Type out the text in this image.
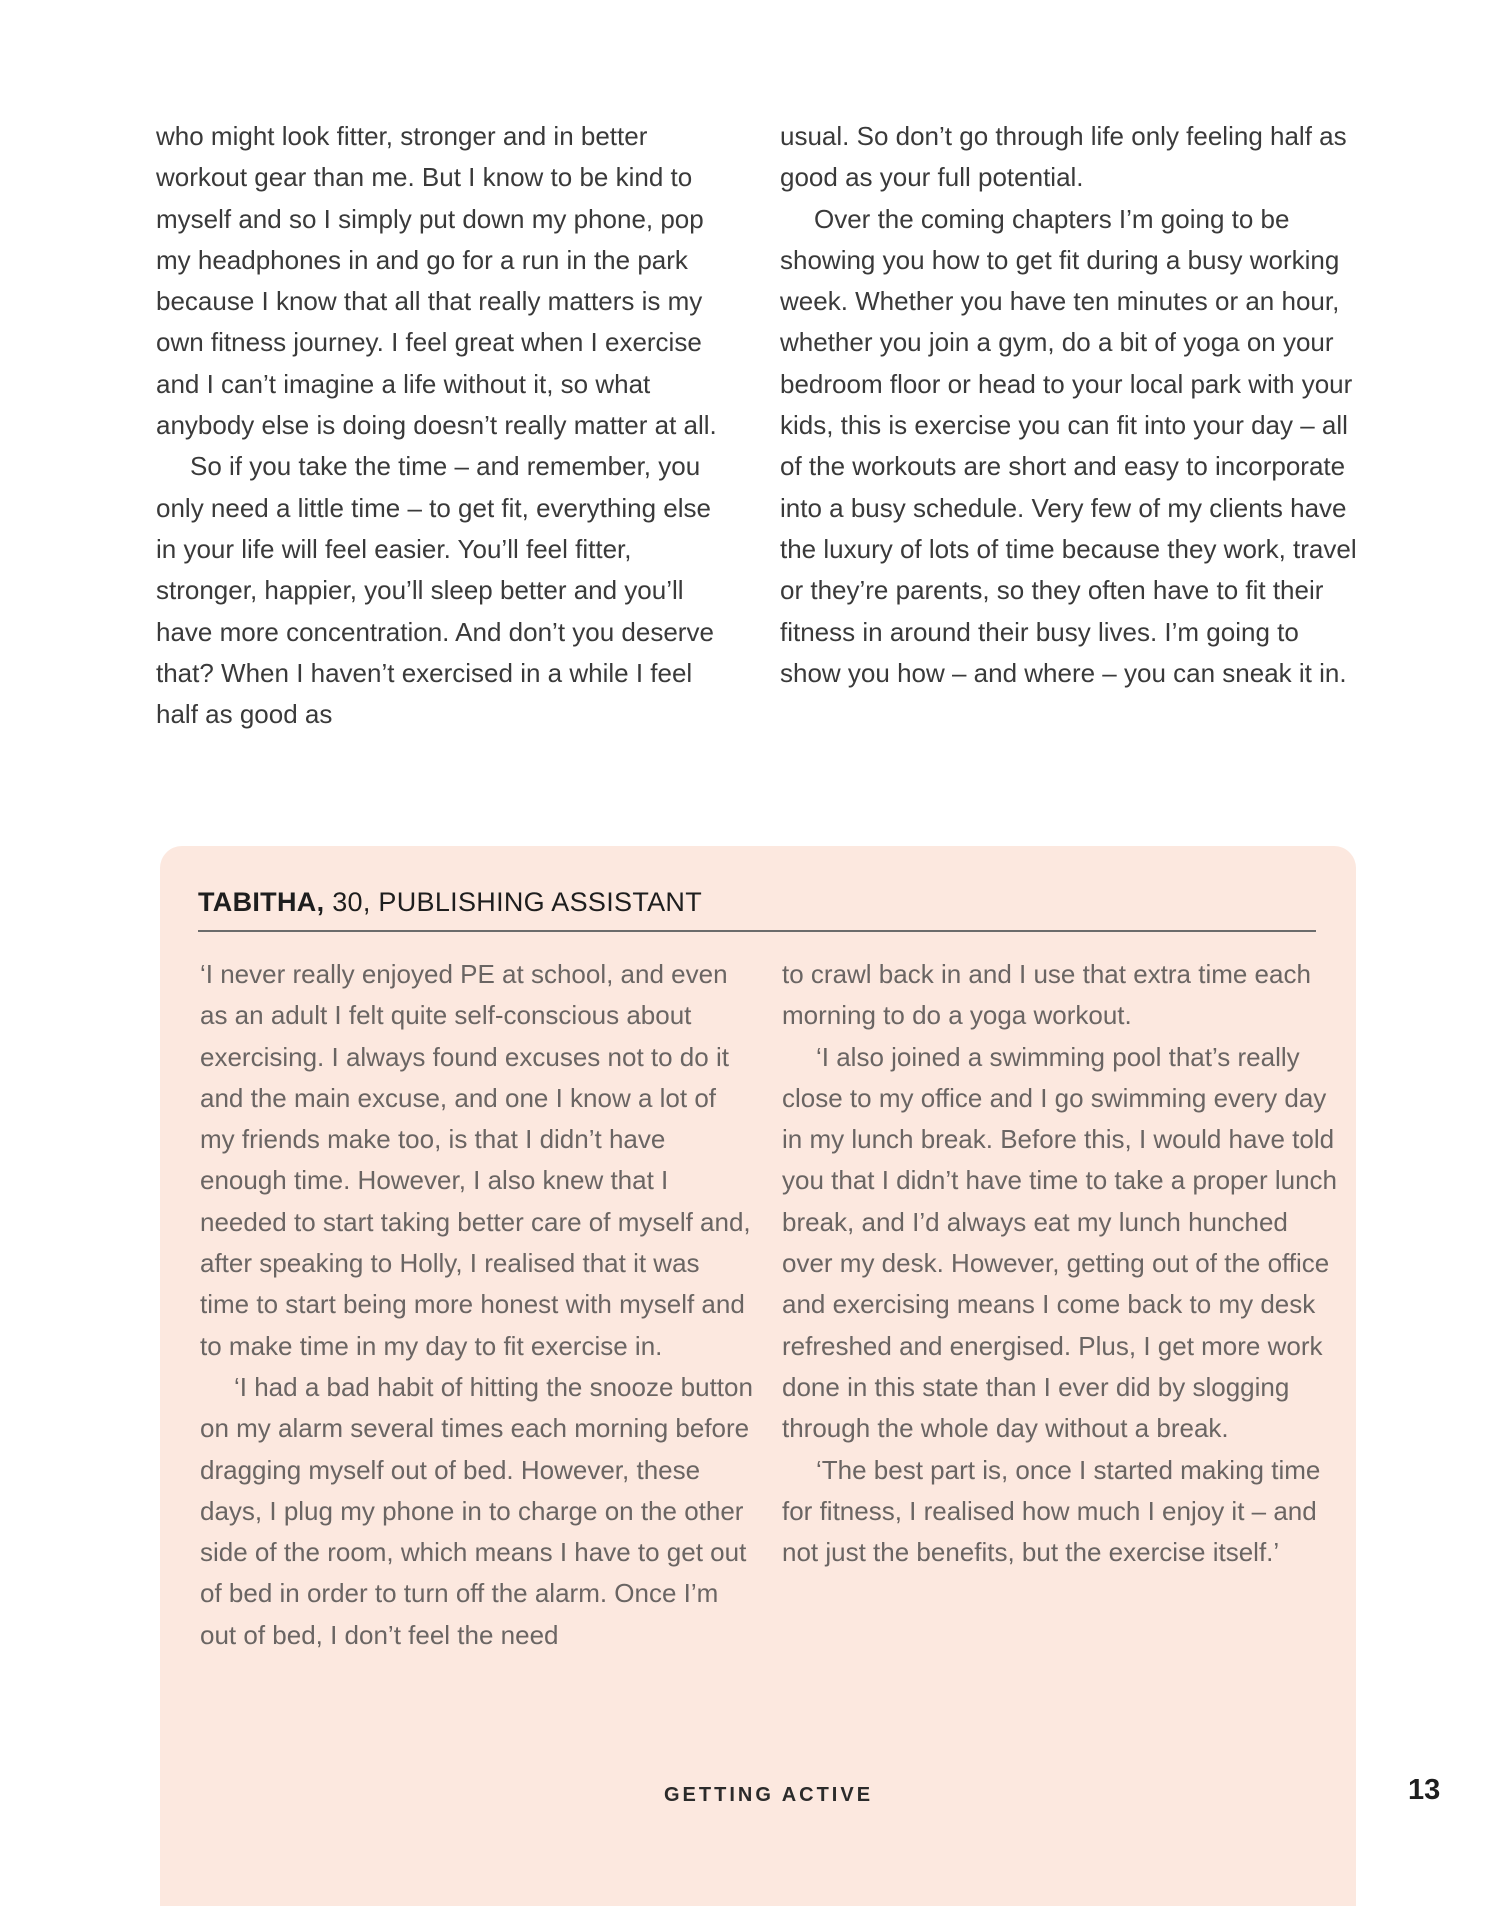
who might look fitter, stronger and in better workout gear than me. But I know to be kind to myself and so I simply put down my phone, pop my headphones in and go for a run in the park because I know that all that really matters is my own fitness journey. I feel great when I exercise and I can’t imagine a life without it, so what anybody else is doing doesn’t really matter at all.

So if you take the time – and remember, you only need a little time – to get fit, everything else in your life will feel easier. You’ll feel fitter, stronger, happier, you’ll sleep better and you’ll have more concentration. And don’t you deserve that? When I haven’t exercised in a while I feel half as good as

usual. So don’t go through life only feeling half as good as your full potential.

Over the coming chapters I’m going to be showing you how to get fit during a busy working week. Whether you have ten minutes or an hour, whether you join a gym, do a bit of yoga on your bedroom floor or head to your local park with your kids, this is exercise you can fit into your day – all of the workouts are short and easy to incorporate into a busy schedule. Very few of my clients have the luxury of lots of time because they work, travel or they’re parents, so they often have to fit their fitness in around their busy lives. I’m going to show you how – and where – you can sneak it in.

TABITHA, 30, PUBLISHING ASSISTANT

‘I never really enjoyed PE at school, and even as an adult I felt quite self-conscious about exercising. I always found excuses not to do it and the main excuse, and one I know a lot of my friends make too, is that I didn’t have enough time. However, I also knew that I needed to start taking better care of myself and, after speaking to Holly, I realised that it was time to start being more honest with myself and to make time in my day to fit exercise in.

‘I had a bad habit of hitting the snooze button on my alarm several times each morning before dragging myself out of bed. However, these days, I plug my phone in to charge on the other side of the room, which means I have to get out of bed in order to turn off the alarm. Once I’m out of bed, I don’t feel the need

to crawl back in and I use that extra time each morning to do a yoga workout.

‘I also joined a swimming pool that’s really close to my office and I go swimming every day in my lunch break. Before this, I would have told you that I didn’t have time to take a proper lunch break, and I’d always eat my lunch hunched over my desk. However, getting out of the office and exercising means I come back to my desk refreshed and energised. Plus, I get more work done in this state than I ever did by slogging through the whole day without a break.

‘The best part is, once I started making time for fitness, I realised how much I enjoy it – and not just the benefits, but the exercise itself.’

GETTING ACTIVE	13
